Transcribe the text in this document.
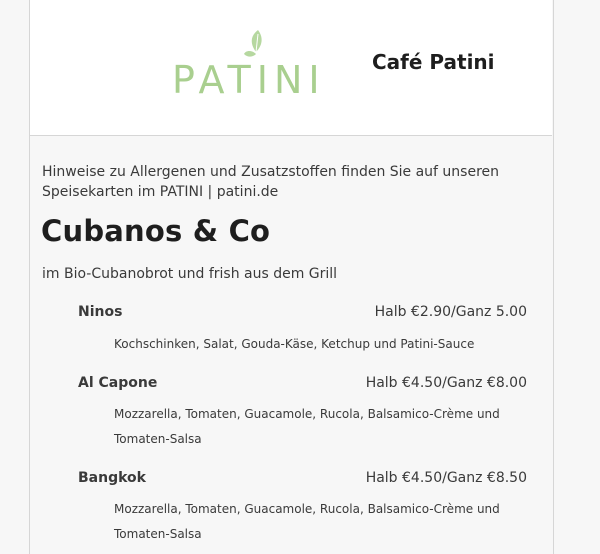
PATINI Café Patini
Hinweise zu Allergenen und Zusatzstoffen finden Sie auf unseren Speisekarten im PATINI | patini.de
Cubanos & Co
im Bio-Cubanobrot und frish aus dem Grill
Ninos	Halb €2.90/Ganz 5.00
Kochschinken, Salat, Gouda-Käse, Ketchup und Patini-Sauce
Al Capone	Halb €4.50/Ganz €8.00
Mozzarella, Tomaten, Guacamole, Rucola, Balsamico-Crème und Tomaten-Salsa
Bangkok	Halb €4.50/Ganz €8.50
Mozzarella, Tomaten, Guacamole, Rucola, Balsamico-Crème und Tomaten-Salsa
